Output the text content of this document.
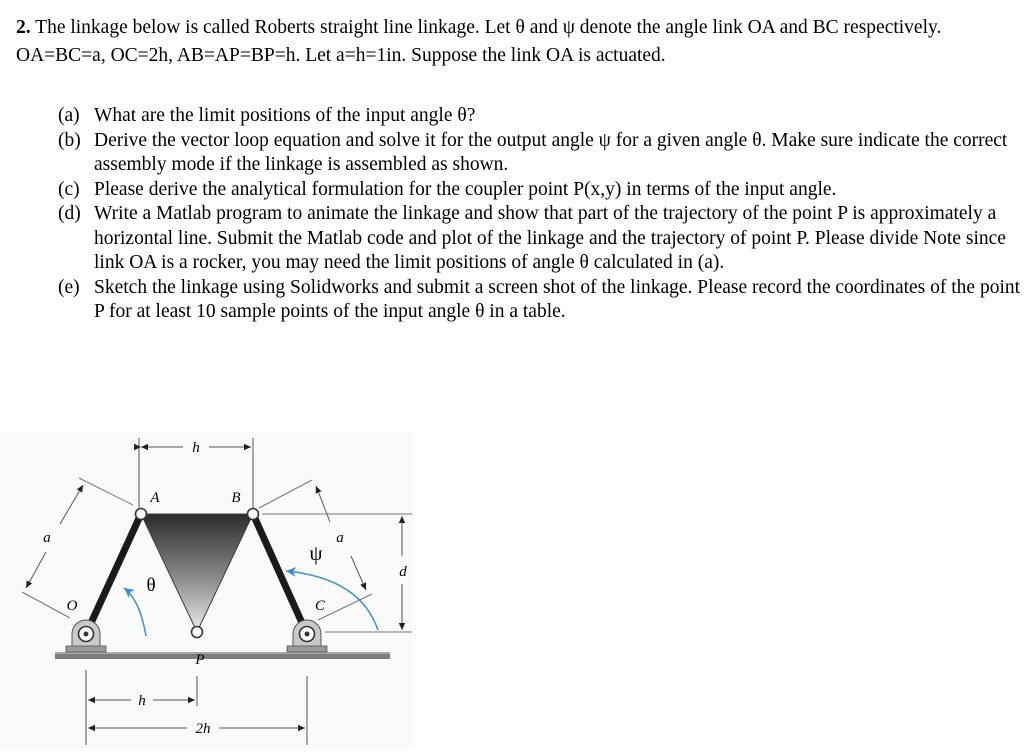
2. The linkage below is called Roberts straight line linkage. Let θ and ψ denote the angle link OA and BC respectively. OA=BC=a, OC=2h, AB=AP=BP=h. Let a=h=1in. Suppose the link OA is actuated.
(a) What are the limit positions of the input angle θ?
(b) Derive the vector loop equation and solve it for the output angle ψ for a given angle θ. Make sure indicate the correct assembly mode if the linkage is assembled as shown.
(c) Please derive the analytical formulation for the coupler point P(x,y) in terms of the input angle.
(d) Write a Matlab program to animate the linkage and show that part of the trajectory of the point P is approximately a horizontal line. Submit the Matlab code and plot of the linkage and the trajectory of point P. Please divide Note since link OA is a rocker, you may need the limit positions of angle θ calculated in (a).
(e) Sketch the linkage using Solidworks and submit a screen shot of the linkage. Please record the coordinates of the point P for at least 10 sample points of the input angle θ in a table.
h
a	a
d
A	B
ψ
θ
O	C
P
h
2h
